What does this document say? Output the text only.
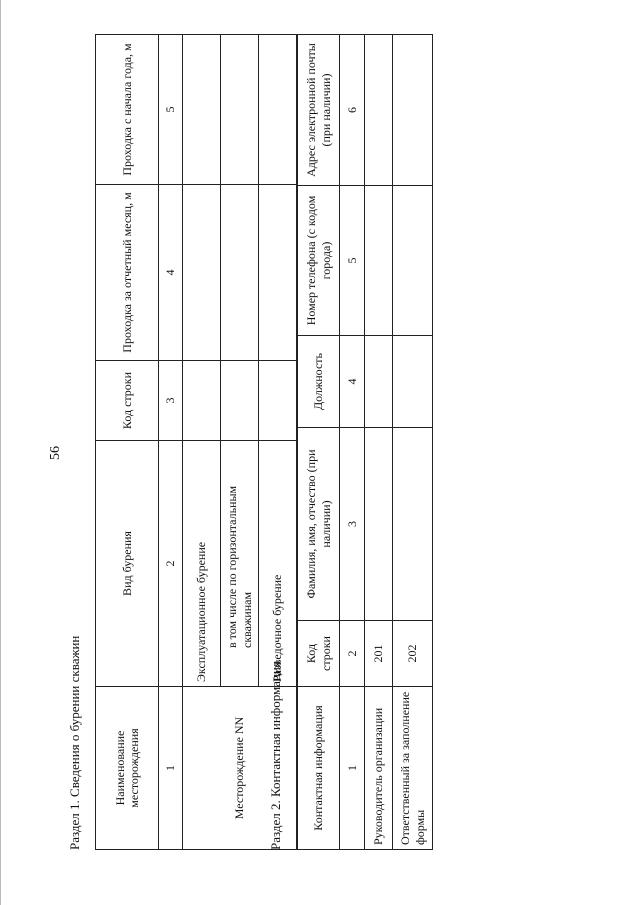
56
Раздел 1. Сведения о бурении скважин	Наименование месторождения	Вид бурения	Код строки	Проходка за отчетный месяц, м	Проходка с начала года, м
1	2	3	4	5
Месторождение NN	Эксплуатационное бурение			
	в том числе по горизонтальным скважинам			
	Разведочное бурение			
Раздел 2. Контактная информация Контактная информация	Код строки	Фамилия, имя, отчество (при наличии)	Должность	Номер телефона (с кодом города)	Адрес электронной почты (при наличии)
1	2	3	4	5	6
Руководитель организации	201				
Ответственный за заполнение формы	202				
